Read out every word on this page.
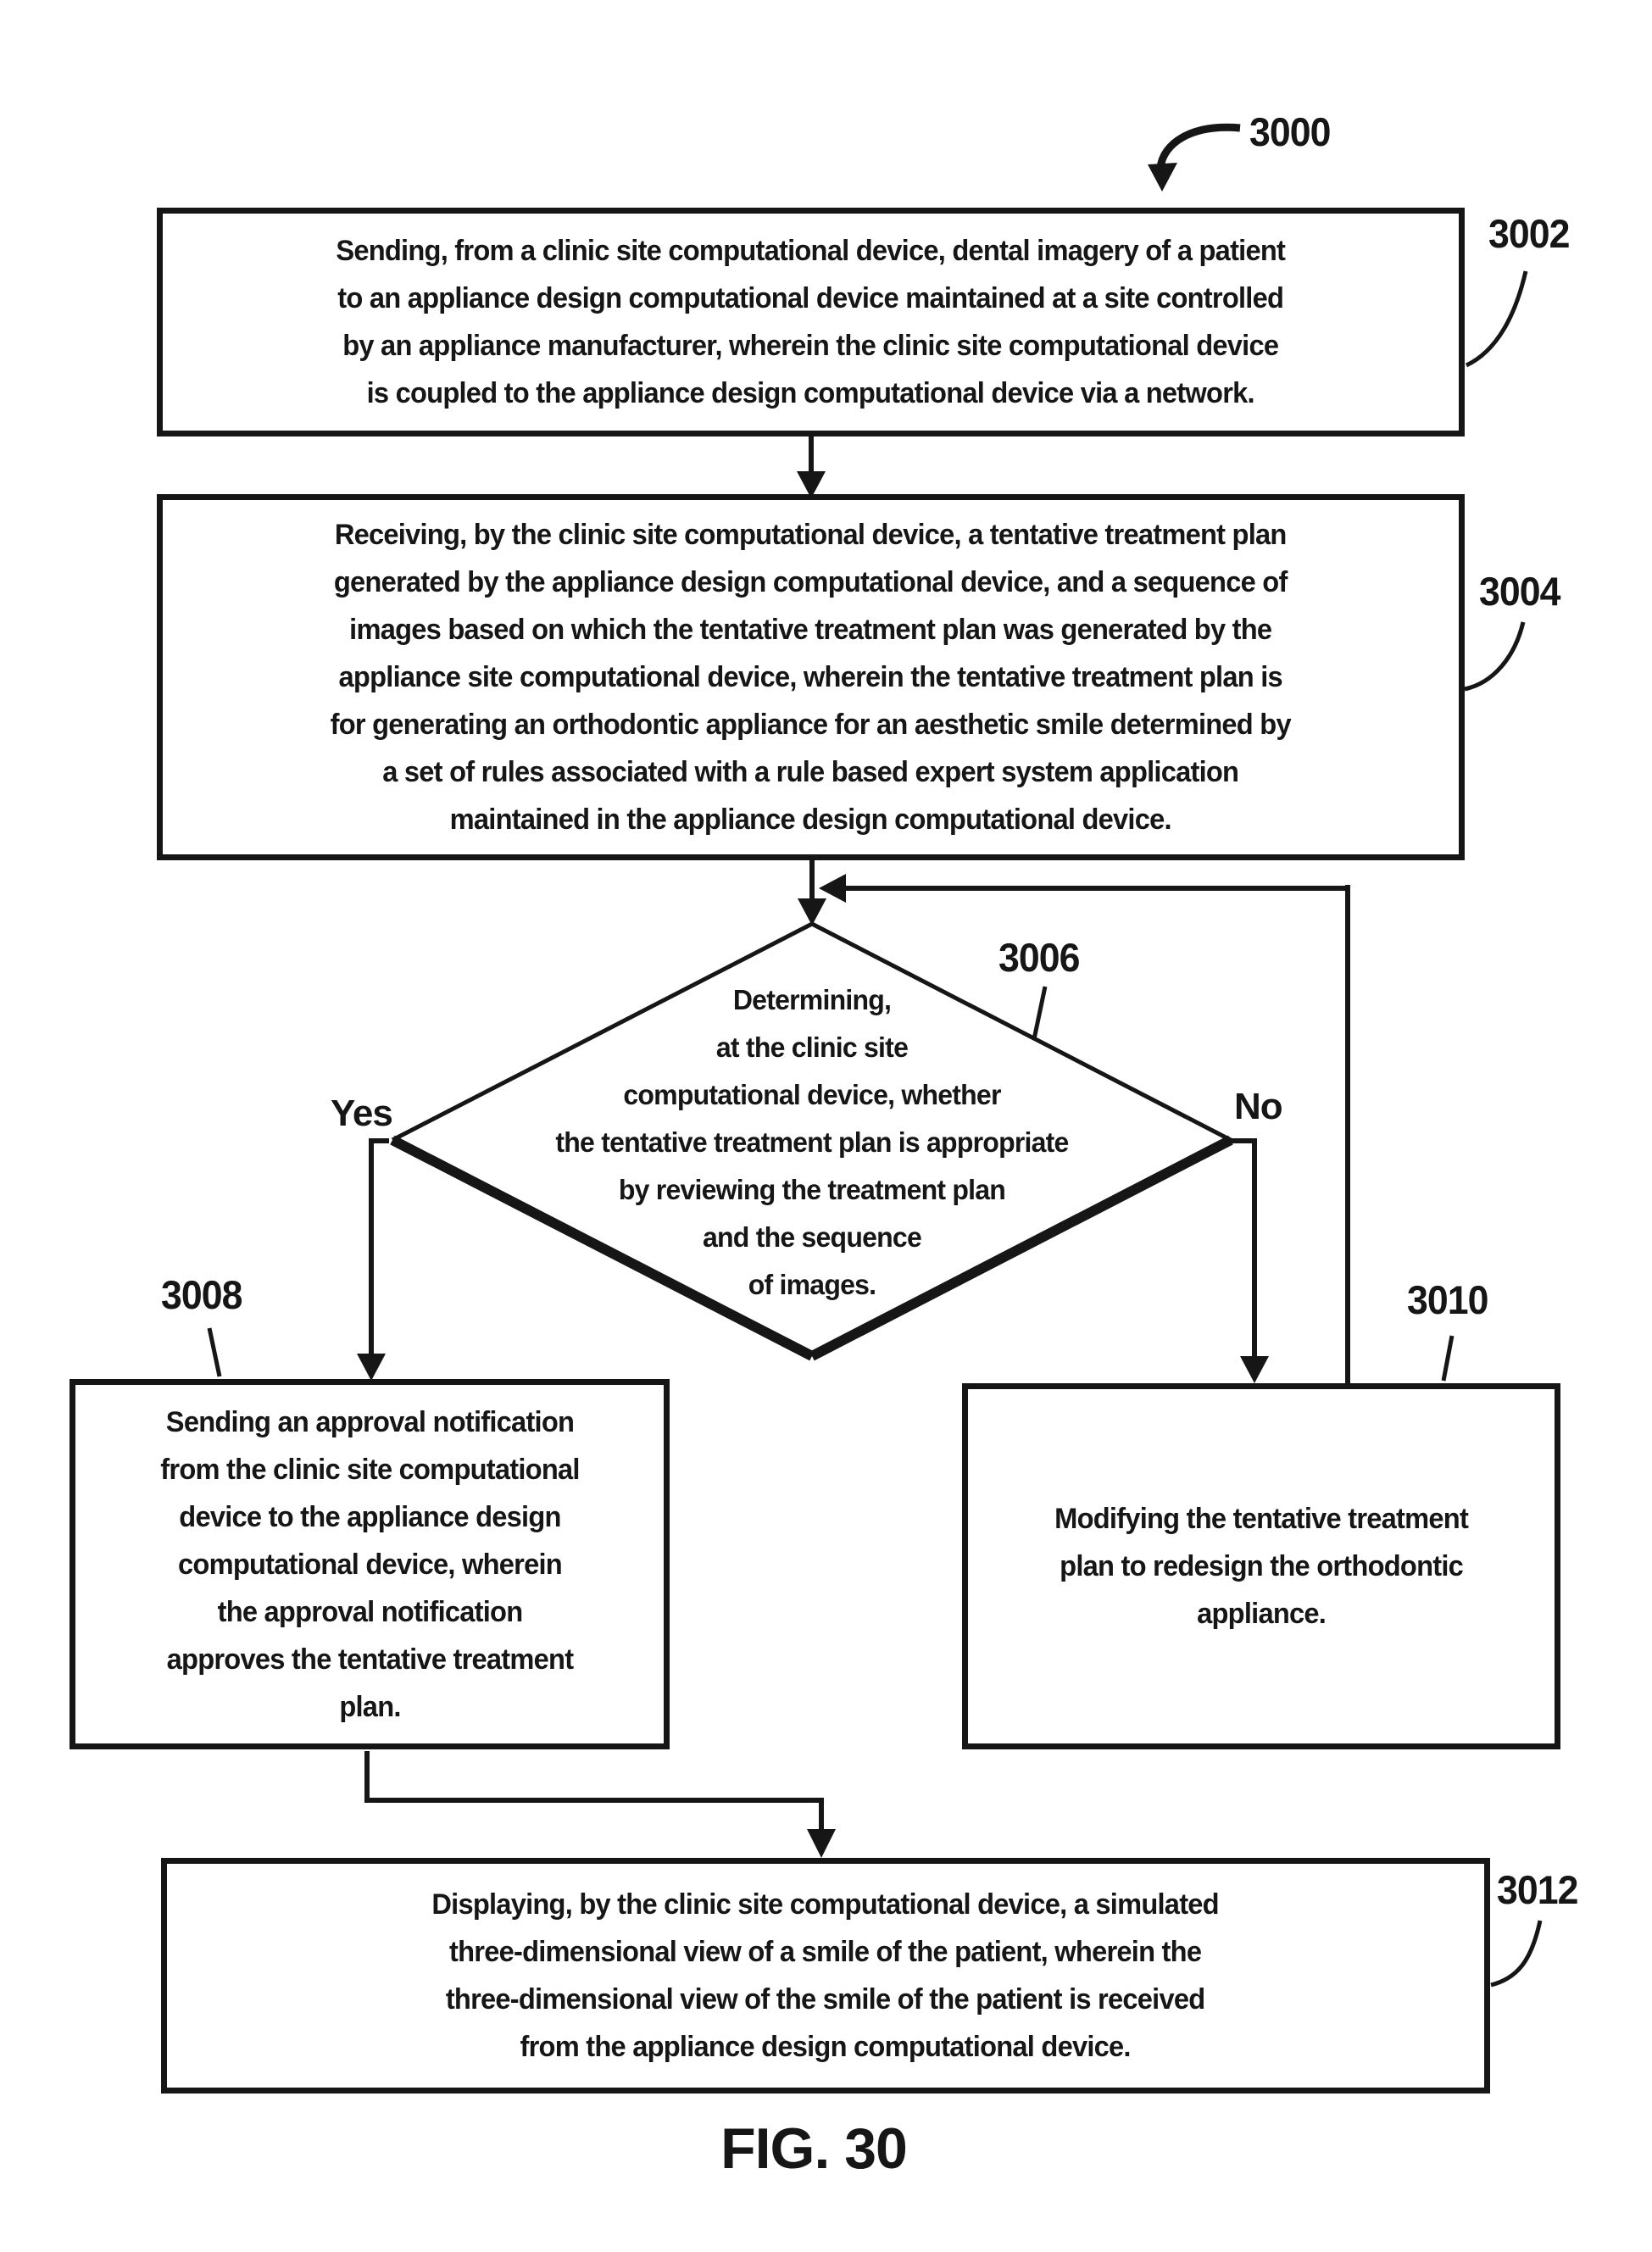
Sending, from a clinic site computational device, dental imagery of a patient
to an appliance design computational device maintained at a site controlled
by an appliance manufacturer, wherein the clinic site computational device
is coupled to the appliance design computational device via a network.
Receiving, by the clinic site computational device, a tentative treatment plan
generated by the appliance design computational device, and a sequence of
images based on which the tentative treatment plan was generated by the
appliance site computational device, wherein the tentative treatment plan is
for generating an orthodontic appliance for an aesthetic smile determined by
a set of rules associated with a rule based expert system application
maintained in the appliance design computational device.
Determining,
at the clinic site
computational device, whether
the tentative treatment plan is appropriate
by reviewing the treatment plan
and the sequence
of images.
Sending an approval notification
from the clinic site computational
device to the appliance design
computational device, wherein
the approval notification
approves the tentative treatment
plan.
Modifying the tentative treatment
plan to redesign the orthodontic
appliance.
Displaying, by the clinic site computational device, a simulated
three-dimensional view of a smile of the patient, wherein the
three-dimensional view of the smile of the patient is received
from the appliance design computational device.
3000
3002
3004
3006
3008	3010
3012
Yes	No
FIG. 30
